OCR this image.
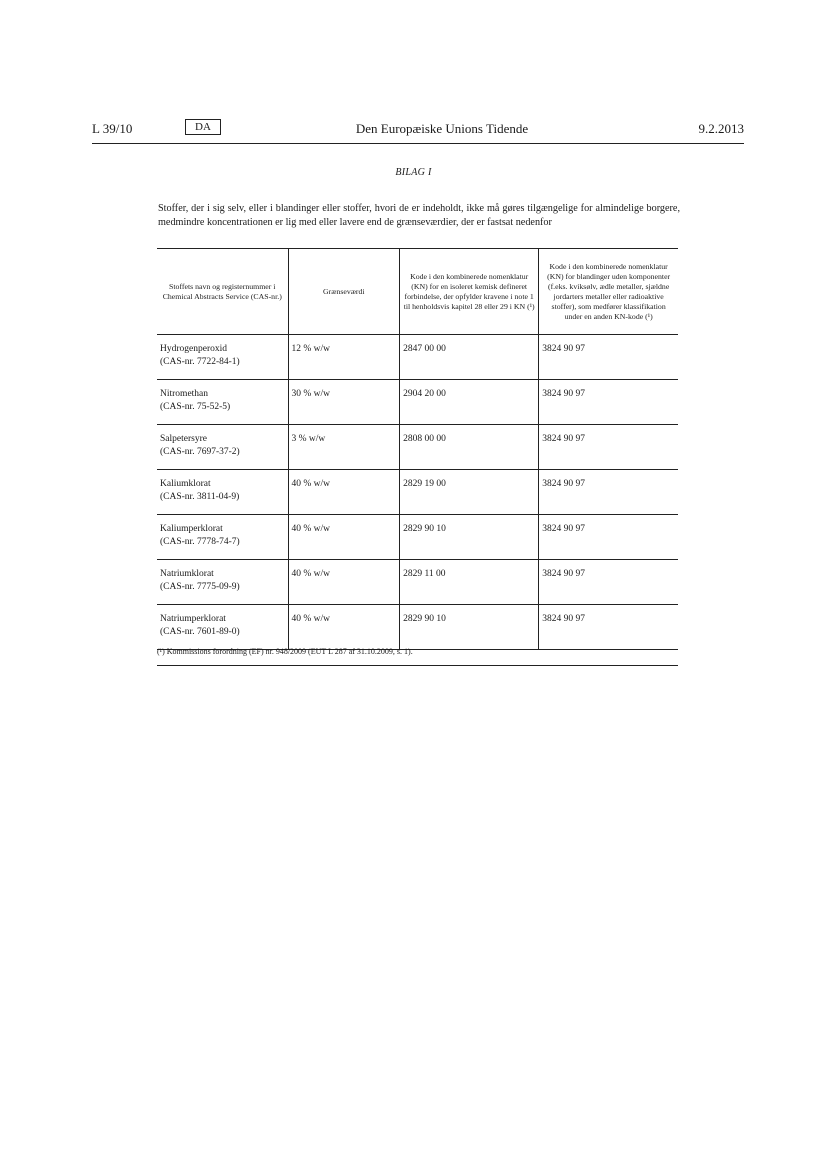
L 39/10	DA	Den Europæiske Unions Tidende	9.2.2013
BILAG I
Stoffer, der i sig selv, eller i blandinger eller stoffer, hvori de er indeholdt, ikke må gøres tilgængelige for almindelige borgere, medmindre koncentrationen er lig med eller lavere end de grænseværdier, der er fastsat nedenfor
Stoffets navn og registernummer i Chemical Abstracts Service (CAS-nr.)	Grænseværdi	Kode i den kombinerede nomenklatur (KN) for en isoleret kemisk defineret forbindelse, der opfylder kravene i note 1 til henholdsvis kapitel 28 eller 29 i KN (¹)	Kode i den kombinerede nomenklatur (KN) for blandinger uden komponenter (f.eks. kviksølv, ædle metaller, sjældne jordarters metaller eller radioaktive stoffer), som medfører klassifikation under en anden KN-kode (¹)

Hydrogenperoxid
(CAS-nr. 7722-84-1)	12 % w/w	2847 00 00	3824 90 97

Nitromethan
(CAS-nr. 75-52-5)	30 % w/w	2904 20 00	3824 90 97

Salpetersyre
(CAS-nr. 7697-37-2)	3 % w/w	2808 00 00	3824 90 97

Kaliumklorat
(CAS-nr. 3811-04-9)	40 % w/w	2829 19 00	3824 90 97

Kaliumperklorat
(CAS-nr. 7778-74-7)	40 % w/w	2829 90 10	3824 90 97

Natriumklorat
(CAS-nr. 7775-09-9)	40 % w/w	2829 11 00	3824 90 97

Natriumperklorat
(CAS-nr. 7601-89-0)	40 % w/w	2829 90 10	3824 90 97
(¹) Kommissions forordning (EF) nr. 948/2009 (EUT L 287 af 31.10.2009, s. 1).
